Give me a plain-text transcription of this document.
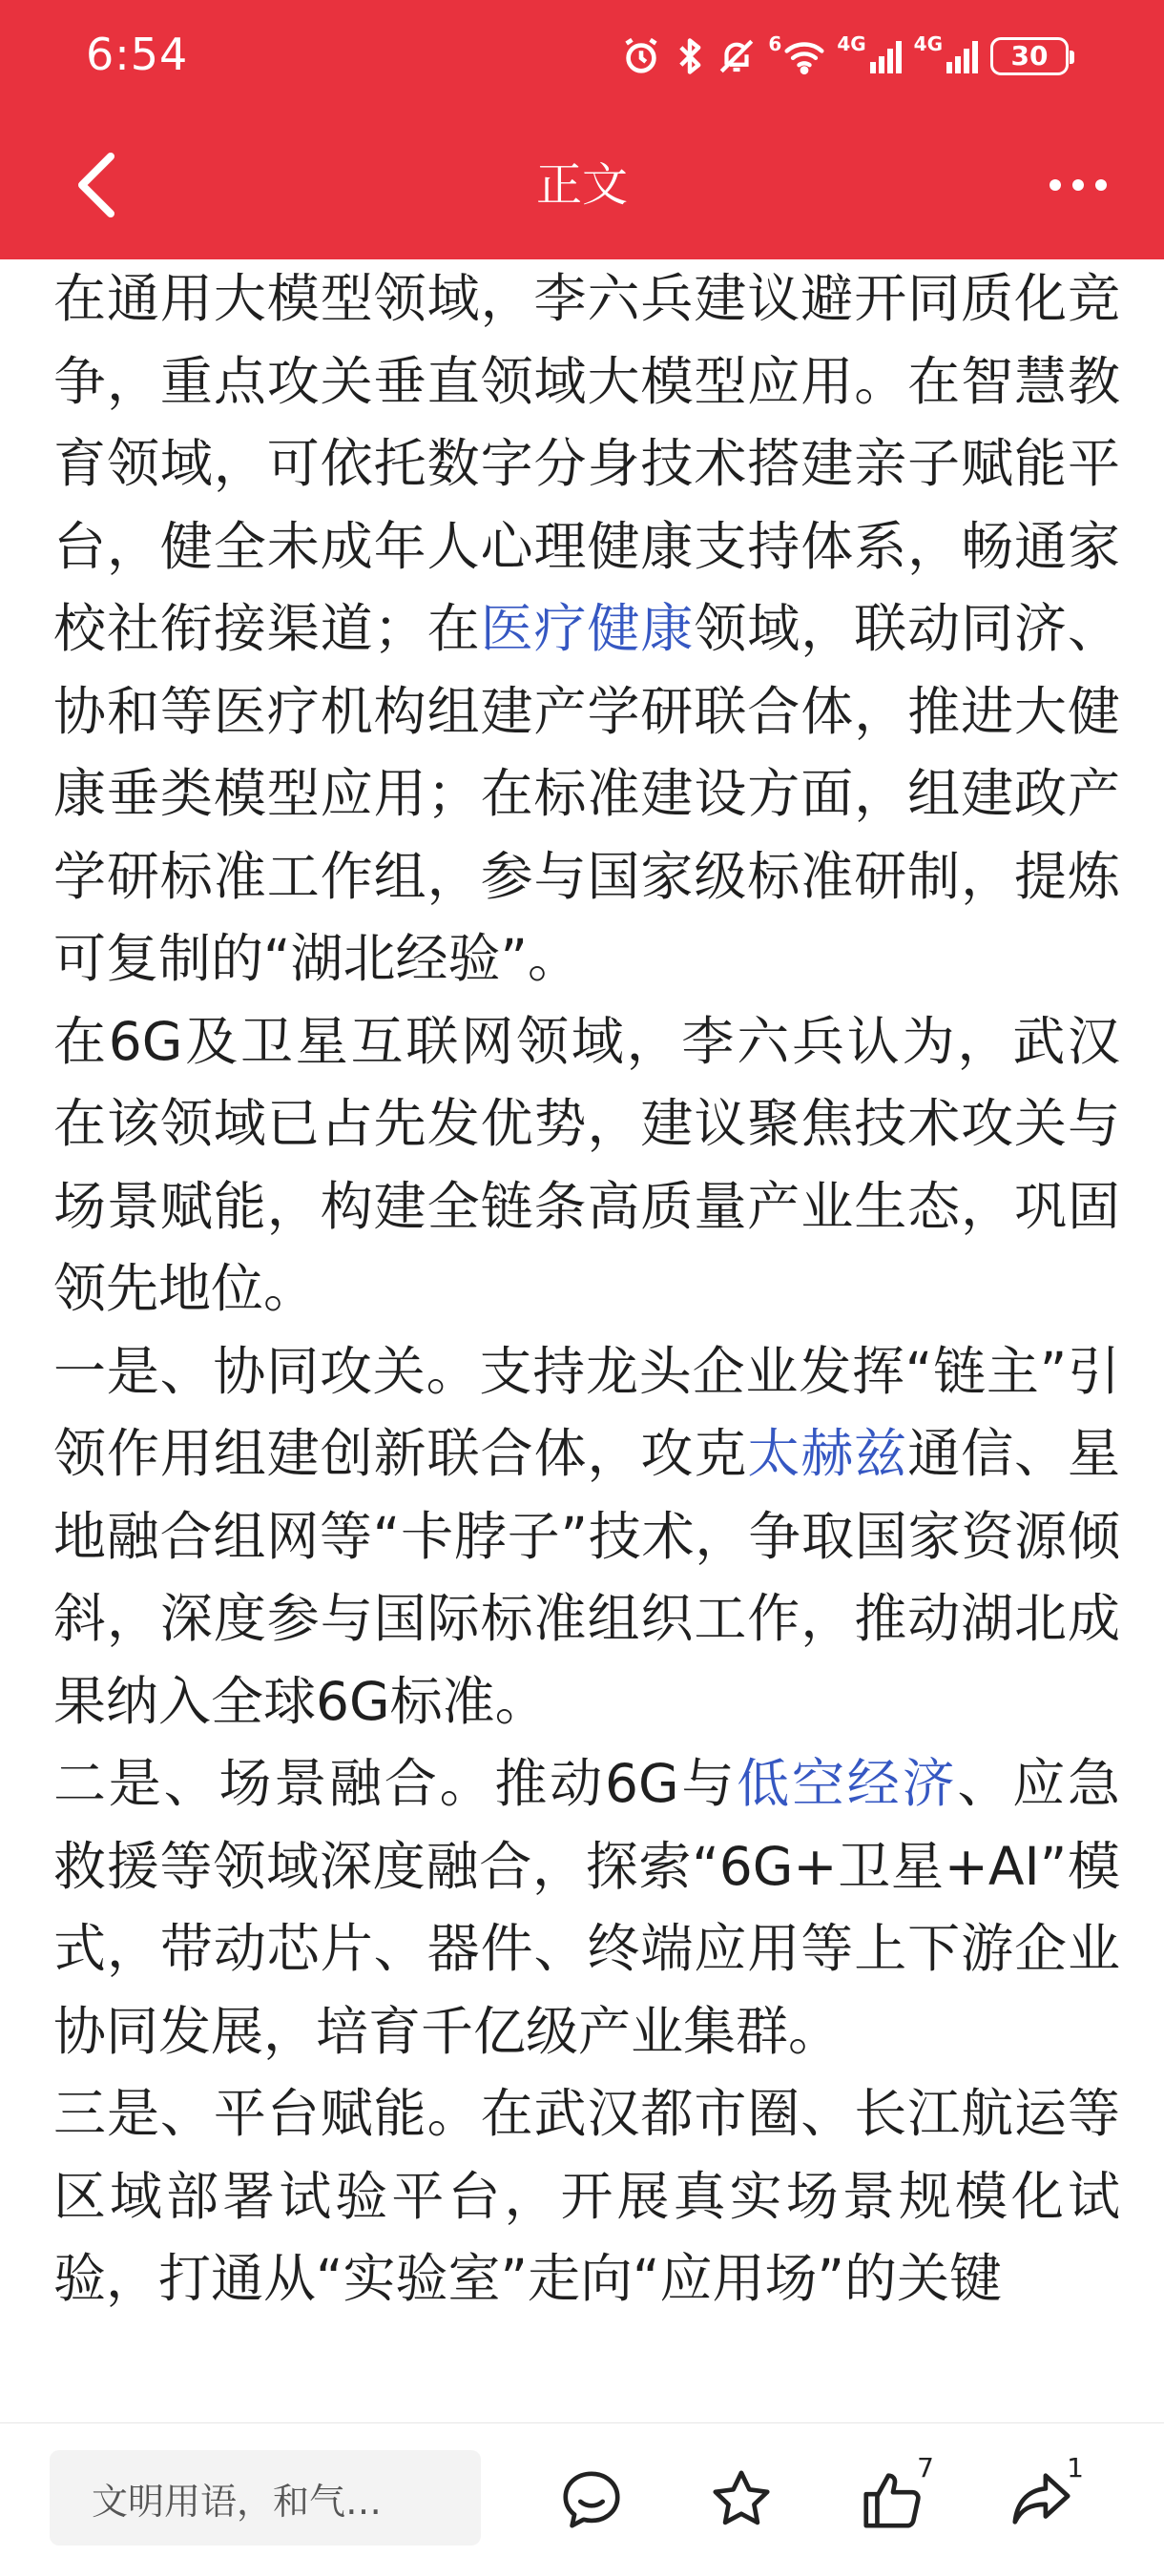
6:54	6	4G	4G	30
正文

在通用大模型领域，李六兵建议避开同质化竞争，重点攻关垂直领域大模型应用。在智慧教育领域，可依托数字分身技术搭建亲子赋能平台，健全未成年人心理健康支持体系，畅通家校社衔接渠道；在医疗健康领域，联动同济、协和等医疗机构组建产学研联合体，推进大健康垂类模型应用；在标准建设方面，组建政产学研标准工作组，参与国家级标准研制，提炼可复制的“湖北经验”。

在6G及卫星互联网领域，李六兵认为，武汉在该领域已占先发优势，建议聚焦技术攻关与场景赋能，构建全链条高质量产业生态，巩固领先地位。

一是、协同攻关。支持龙头企业发挥“链主”引领作用组建创新联合体，攻克太赫兹通信、星地融合组网等“卡脖子”技术，争取国家资源倾斜，深度参与国际标准组织工作，推动湖北成果纳入全球6G标准。

二是、场景融合。推动6G与低空经济、应急救援等领域深度融合，探索“6G+卫星+AI”模式，带动芯片、器件、终端应用等上下游企业协同发展，培育千亿级产业集群。

三是、平台赋能。在武汉都市圈、长江航运等区域部署试验平台，开展真实场景规模化试验，打通从“实验室”走向“应用场”的关键

文明用语，和气…
7	1
